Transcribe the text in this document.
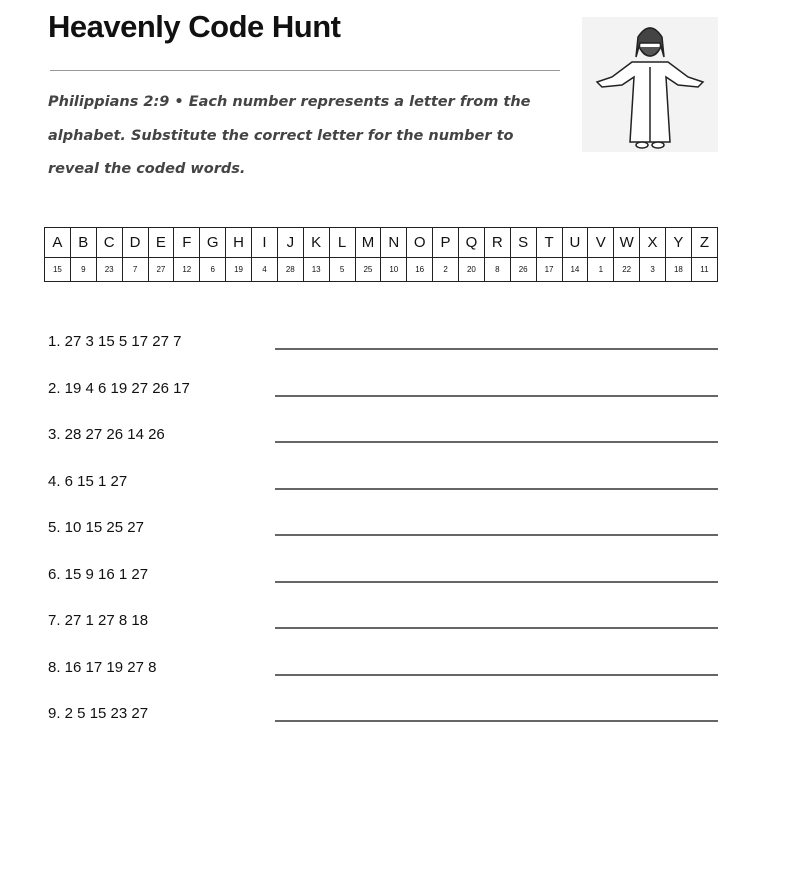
Heavenly Code Hunt
Philippians 2:9 • Each number represents a letter from the alphabet. Substitute the correct letter for the number to reveal the coded words.
A	B	C	D	E	F	G	H	I	J	K	L	M	N	O	P	Q	R	S	T	U	V	W	X	Y	Z
15	9	23	7	27	12	6	19	4	28	13	5	25	10	16	2	20	8	26	17	14	1	22	3	18	11
1. 27 3 15 5 17 27 7
2. 19 4 6 19 27 26 17
3. 28 27 26 14 26
4. 6 15 1 27
5. 10 15 25 27
6. 15 9 16 1 27
7. 27 1 27 8 18
8. 16 17 19 27 8
9. 2 5 15 23 27
